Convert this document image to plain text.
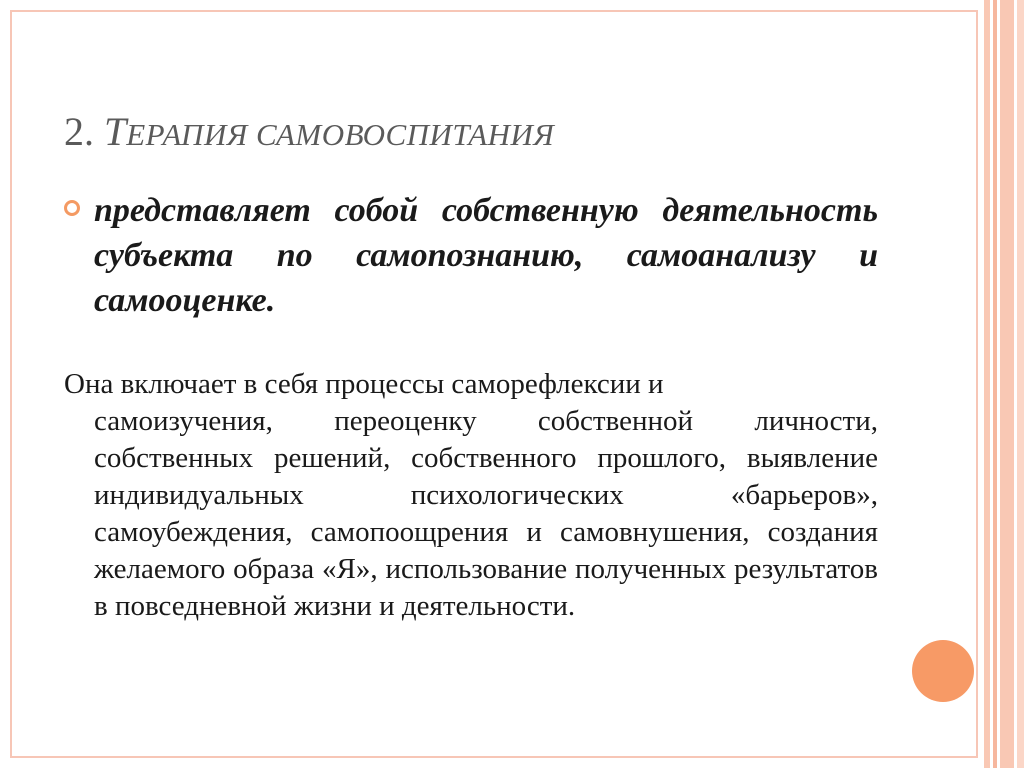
2. ТЕРАПИЯ САМОВОСПИТАНИЯ
представляет собой собственную деятельность субъекта по самопознанию, самоанализу и самооценке.
Она включает в себя процессы саморефлексии и
самоизучения, переоценку собственной личности, собственных решений, собственного прошлого, выявление индивидуальных психологических «барьеров», самоубеждения, самопоощрения и самовнушения, создания желаемого образа «Я», использование полученных результатов в повседневной жизни и деятельности.
